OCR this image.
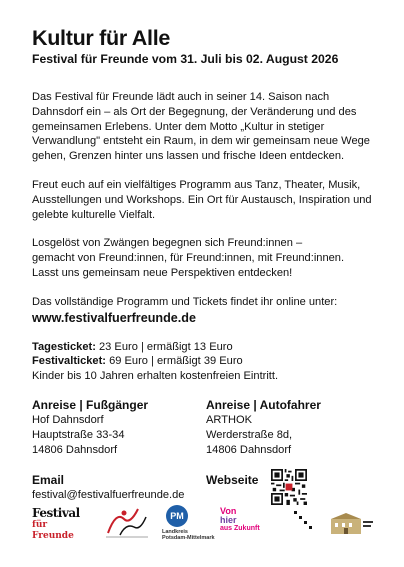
Kultur für Alle
Festival für Freunde vom 31. Juli bis 02. August 2026

Das Festival für Freunde lädt auch in seiner 14. Saison nach Dahnsdorf ein – als Ort der Begegnung, der Veränderung und des gemeinsamen Erlebens. Unter dem Motto „Kultur in stetiger Verwandlung" entsteht ein Raum, in dem wir gemeinsam neue Wege gehen, Grenzen hinter uns lassen und frische Ideen entdecken.

Freut euch auf ein vielfältiges Programm aus Tanz, Theater, Musik, Ausstellungen und Workshops. Ein Ort für Austausch, Inspiration und gelebte kulturelle Vielfalt.

Losgelöst von Zwängen begegnen sich Freund:innen –

gemacht von Freund:innen, für Freund:innen, mit Freund:innen.

Lasst uns gemeinsam neue Perspektiven entdecken!

Das vollständige Programm und Tickets findet ihr online unter:

www.festivalfuerfreunde.de

Tagesticket: 23 Euro | ermäßigt 13 Euro

Festivalticket: 69 Euro | ermäßigt 39 Euro

Kinder bis 10 Jahren erhalten kostenfreien Eintritt.

Anreise | Fußgänger

Hof Dahnsdorf

Hauptstraße 33-34

14806 Dahnsdorf

Anreise | Autofahrer

ARTHOK

Werderstraße 8d,

14806 Dahnsdorf

Email

festival@festivalfuerfreunde.de

Webseite

Festival
für Freunde
PM
Landkreis
Potsdam-Mittelmark
Von
hier
aus Zukunft
